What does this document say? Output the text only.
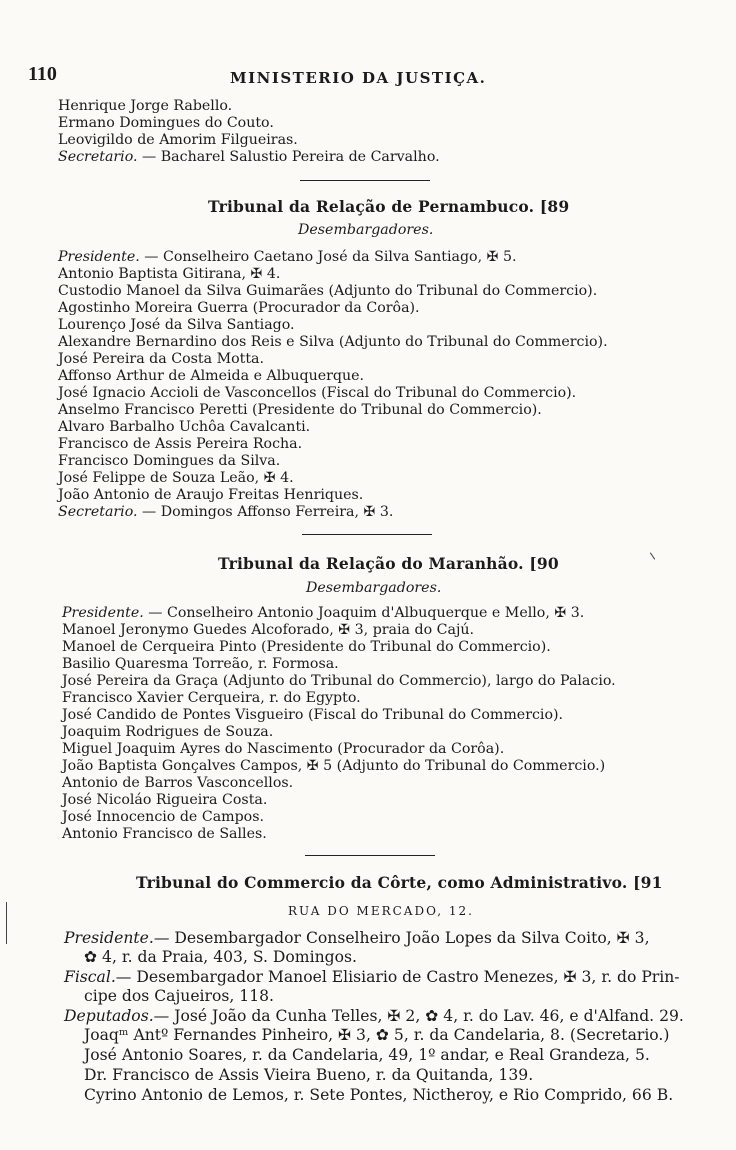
110	MINISTERIO DA JUSTIÇA.
Henrique Jorge Rabello.
Ermano Domingues do Couto.
Leovigildo de Amorim Filgueiras.
Secretario. — Bacharel Salustio Pereira de Carvalho.
Tribunal da Relação de Pernambuco. [89
Desembargadores.
Presidente. — Conselheiro Caetano José da Silva Santiago, ✠ 5.
Antonio Baptista Gitirana, ✠ 4.
Custodio Manoel da Silva Guimarães (Adjunto do Tribunal do Commercio).
Agostinho Moreira Guerra (Procurador da Corôa).
Lourenço José da Silva Santiago.
Alexandre Bernardino dos Reis e Silva (Adjunto do Tribunal do Commercio).
José Pereira da Costa Motta.
Affonso Arthur de Almeida e Albuquerque.
José Ignacio Accioli de Vasconcellos (Fiscal do Tribunal do Commercio).
Anselmo Francisco Peretti (Presidente do Tribunal do Commercio).
Alvaro Barbalho Uchôa Cavalcanti.
Francisco de Assis Pereira Rocha.
Francisco Domingues da Silva.
José Felippe de Souza Leão, ✠ 4.
João Antonio de Araujo Freitas Henriques.
Secretario. — Domingos Affonso Ferreira, ✠ 3.
Tribunal da Relação do Maranhão. [90
Desembargadores.
Presidente. — Conselheiro Antonio Joaquim d'Albuquerque e Mello, ✠ 3.
Manoel Jeronymo Guedes Alcoforado, ✠ 3, praia do Cajú.
Manoel de Cerqueira Pinto (Presidente do Tribunal do Commercio).
Basilio Quaresma Torreão, r. Formosa.
José Pereira da Graça (Adjunto do Tribunal do Commercio), largo do Palacio.
Francisco Xavier Cerqueira, r. do Egypto.
José Candido de Pontes Visgueiro (Fiscal do Tribunal do Commercio).
Joaquim Rodrigues de Souza.
Miguel Joaquim Ayres do Nascimento (Procurador da Corôa).
João Baptista Gonçalves Campos, ✠ 5 (Adjunto do Tribunal do Commercio.)
Antonio de Barros Vasconcellos.
José Nicoláo Rigueira Costa.
José Innocencio de Campos.
Antonio Francisco de Salles.
Tribunal do Commercio da Côrte, como Administrativo. [91
RUA DO MERCADO, 12.
Presidente.— Desembargador Conselheiro João Lopes da Silva Coito, ✠ 3,
✿ 4, r. da Praia, 403, S. Domingos.
Fiscal.— Desembargador Manoel Elisiario de Castro Menezes, ✠ 3, r. do Prin-
cipe dos Cajueiros, 118.
Deputados.— José João da Cunha Telles, ✠ 2, ✿ 4, r. do Lav. 46, e d'Alfand. 29.
Joaqᵐ Antº Fernandes Pinheiro, ✠ 3, ✿ 5, r. da Candelaria, 8. (Secretario.)
José Antonio Soares, r. da Candelaria, 49, 1º andar, e Real Grandeza, 5.
Dr. Francisco de Assis Vieira Bueno, r. da Quitanda, 139.
Cyrino Antonio de Lemos, r. Sete Pontes, Nictheroy, e Rio Comprido, 66 B.
